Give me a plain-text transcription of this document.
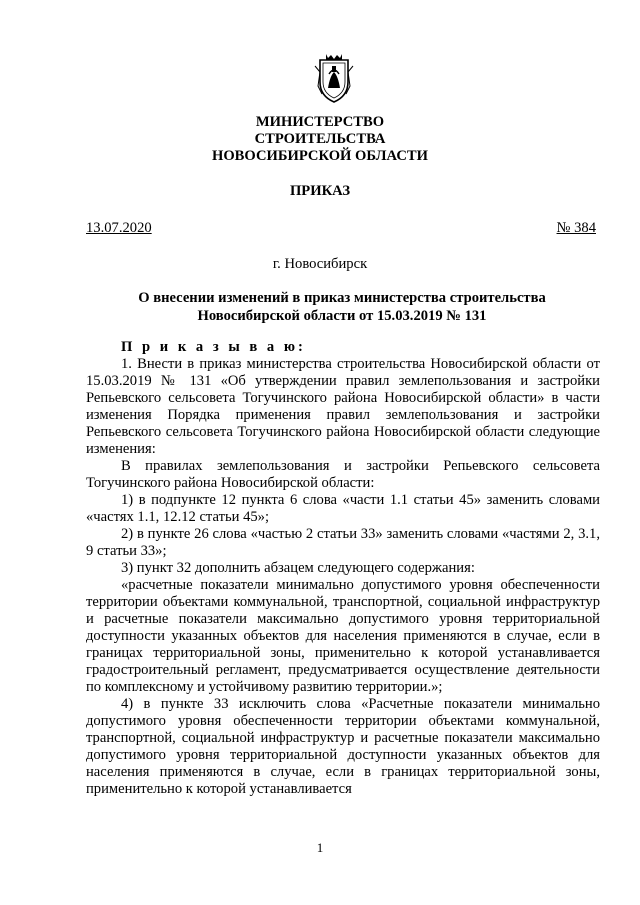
МИНИСТЕРСТВО

СТРОИТЕЛЬСТВА

НОВОСИБИРСКОЙ ОБЛАСТИ

ПРИКАЗ

13.07.2020	№ 384
г. Новосибирск

О внесении изменений в приказ министерства строительства Новосибирской области от 15.03.2019 № 131

П р и к а з ы в а ю:

1. Внести в приказ министерства строительства Новосибирской области от 15.03.2019 № 131 «Об утверждении правил землепользования и застройки Репьевского сельсовета Тогучинского района Новосибирской области» в части изменения Порядка применения правил землепользования и застройки Репьевского сельсовета Тогучинского района Новосибирской области следующие изменения:

В правилах землепользования и застройки Репьевского сельсовета Тогучинского района Новосибирской области:

1) в подпункте 12 пункта 6 слова «части 1.1 статьи 45» заменить словами «частях 1.1, 12.12 статьи 45»;

2) в пункте 26 слова «частью 2 статьи 33» заменить словами «частями 2, 3.1, 9 статьи 33»;

3) пункт 32 дополнить абзацем следующего содержания:

«расчетные показатели минимально допустимого уровня обеспеченности территории объектами коммунальной, транспортной, социальной инфраструктур и расчетные показатели максимально допустимого уровня территориальной доступности указанных объектов для населения применяются в случае, если в границах территориальной зоны, применительно к которой устанавливается градостроительный регламент, предусматривается осуществление деятельности по комплексному и устойчивому развитию территории.»;

4) в пункте 33 исключить слова «Расчетные показатели минимально допустимого уровня обеспеченности территории объектами коммунальной, транспортной, социальной инфраструктур и расчетные показатели максимально допустимого уровня территориальной доступности указанных объектов для населения применяются в случае, если в границах территориальной зоны, применительно к которой устанавливается

1
